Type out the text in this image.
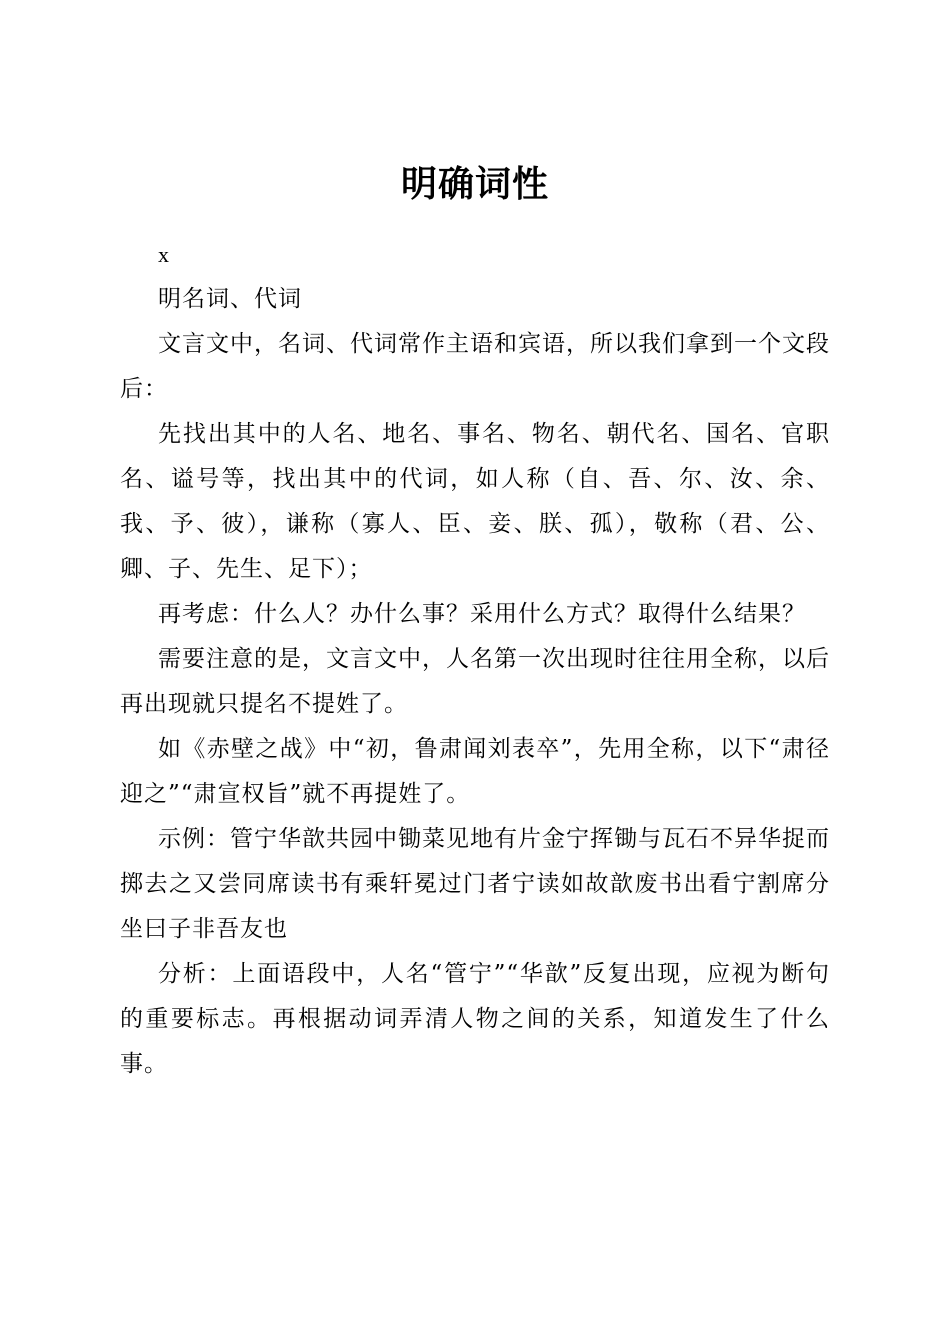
明确词性

x

明名词、代词

文言文中，名词、代词常作主语和宾语，所以我们拿到一个文段后：

先找出其中的人名、地名、事名、物名、朝代名、国名、官职名、谥号等，找出其中的代词，如人称（自、吾、尔、汝、余、我、予、彼），谦称（寡人、臣、妾、朕、孤），敬称（君、公、卿、子、先生、足下）；

再考虑：什么人？办什么事？采用什么方式？取得什么结果？

需要注意的是，文言文中，人名第一次出现时往往用全称，以后再出现就只提名不提姓了。

如《赤壁之战》中“初，鲁肃闻刘表卒”，先用全称，以下“肃径迎之”“肃宣权旨”就不再提姓了。

示例：管宁华歆共园中锄菜见地有片金宁挥锄与瓦石不异华捉而掷去之又尝同席读书有乘轩冕过门者宁读如故歆废书出看宁割席分坐曰子非吾友也

分析：上面语段中，人名“管宁”“华歆”反复出现，应视为断句的重要标志。再根据动词弄清人物之间的关系，知道发生了什么事。
